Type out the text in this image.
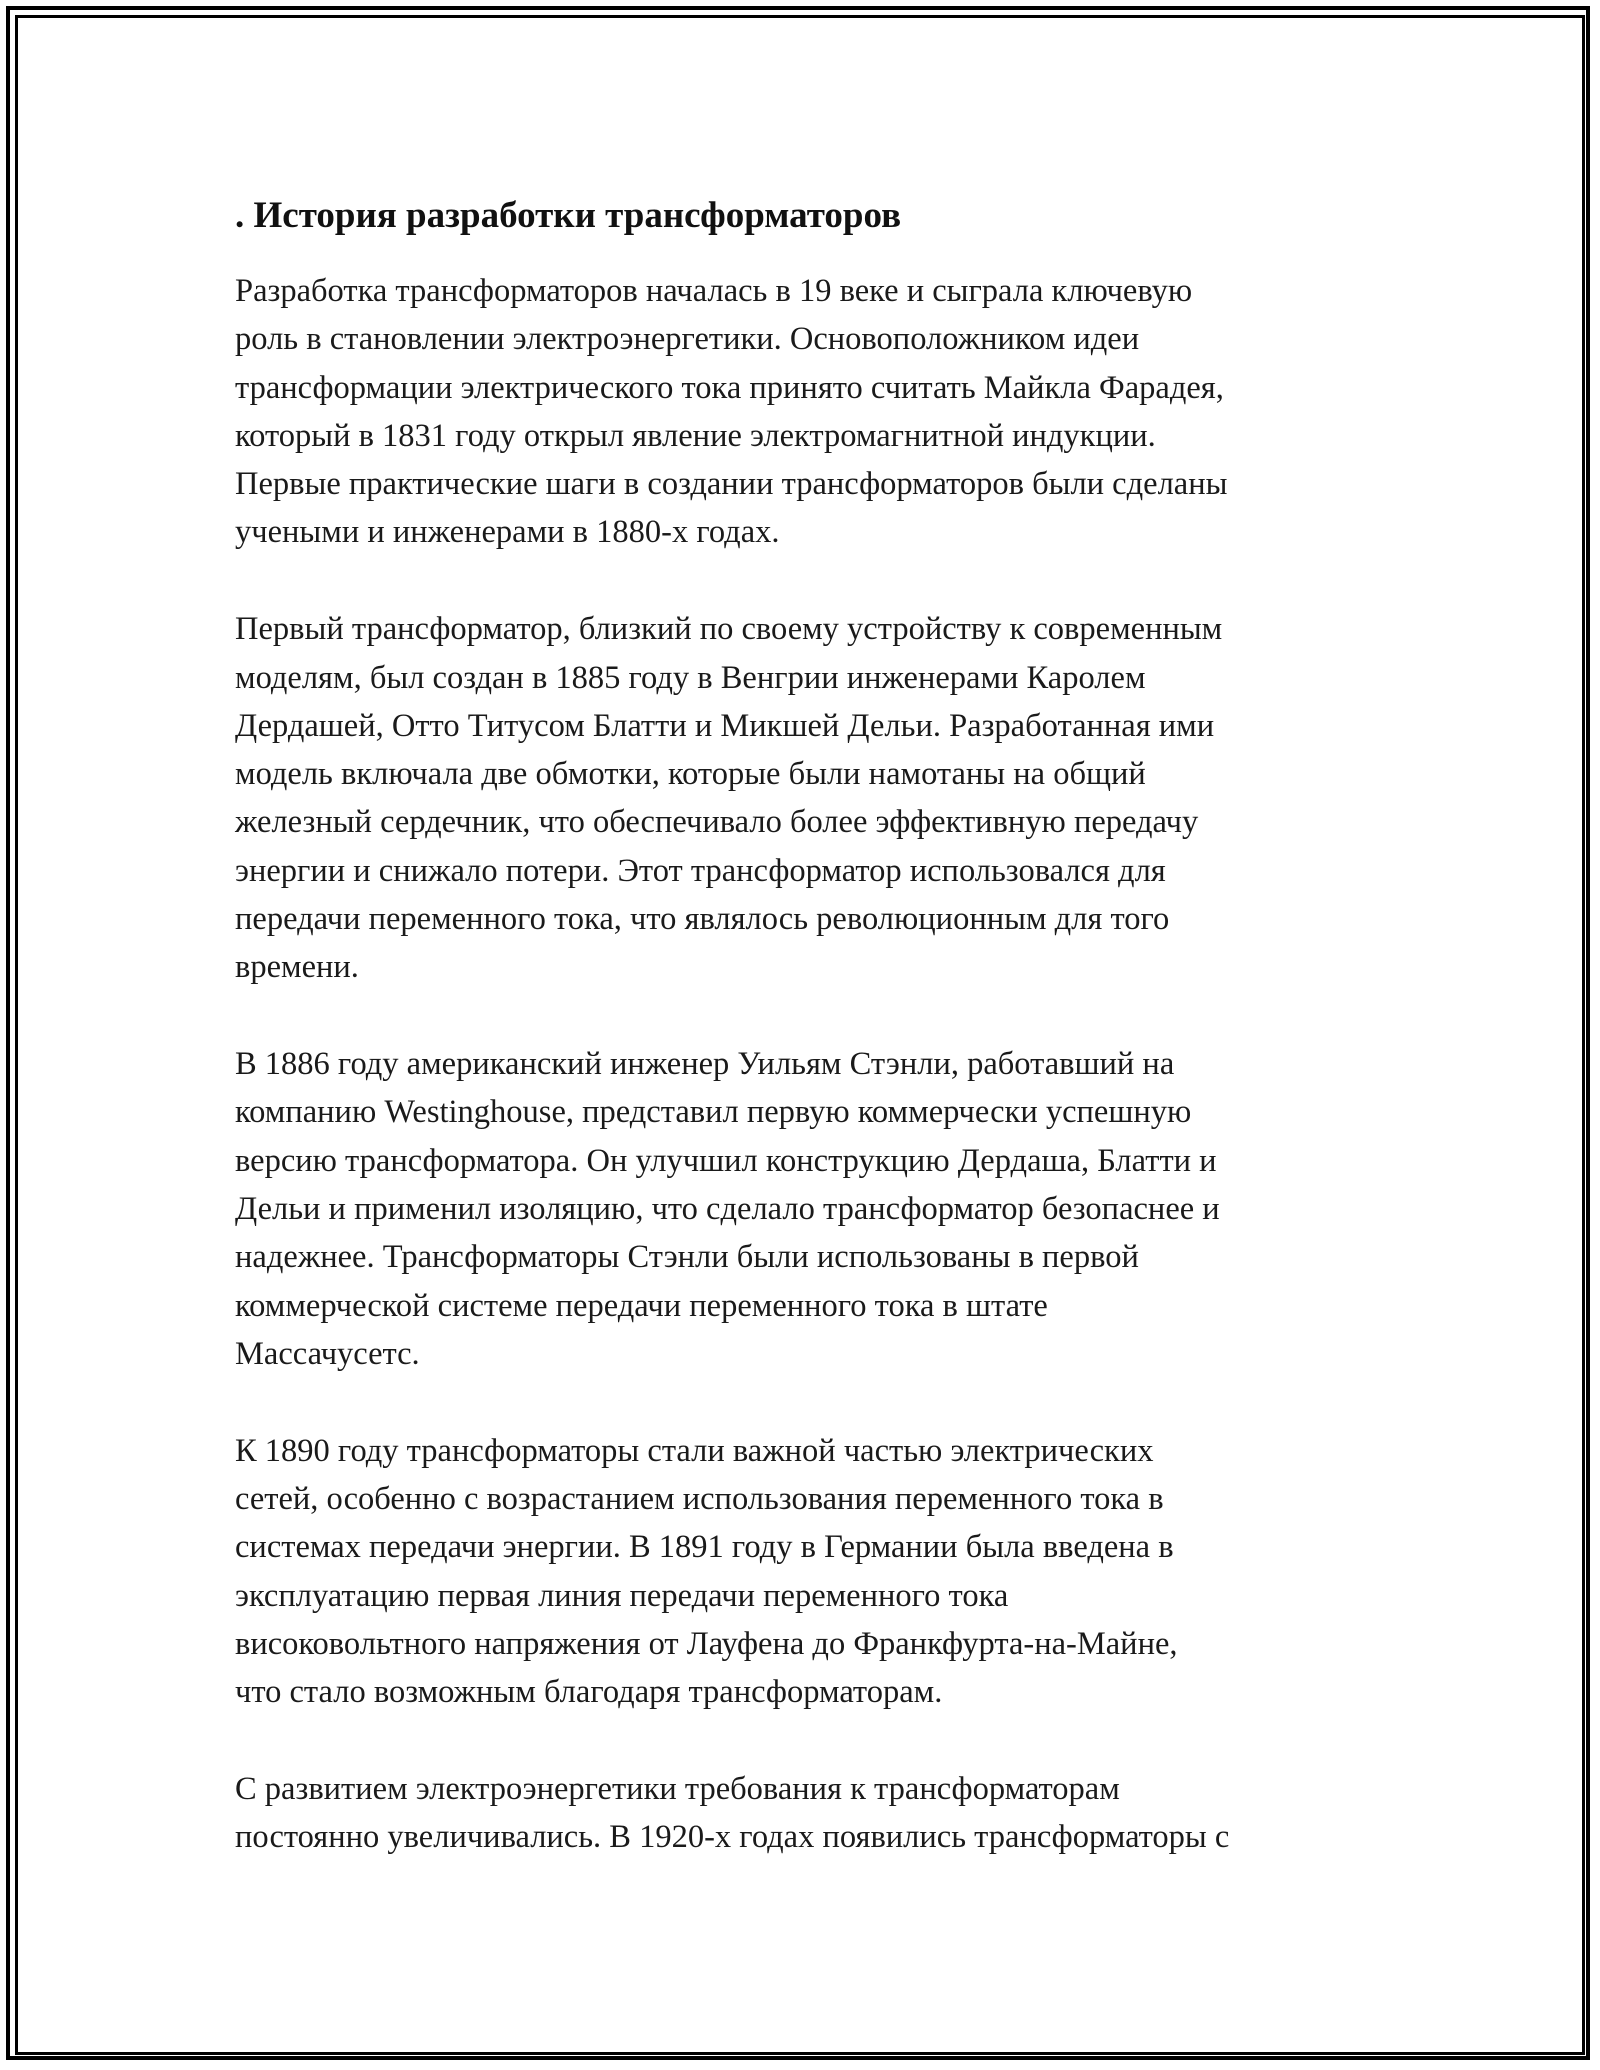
. История разработки трансформаторов
Разработка трансформаторов началась в 19 веке и сыграла ключевую
роль в становлении электроэнергетики. Основоположником идеи
трансформации электрического тока принято считать Майкла Фарадея,
который в 1831 году открыл явление электромагнитной индукции.
Первые практические шаги в создании трансформаторов были сделаны
учеными и инженерами в 1880-х годах.
Первый трансформатор, близкий по своему устройству к современным
моделям, был создан в 1885 году в Венгрии инженерами Каролем
Дердашей, Отто Титусом Блатти и Микшей Дельи. Разработанная ими
модель включала две обмотки, которые были намотаны на общий
железный сердечник, что обеспечивало более эффективную передачу
энергии и снижало потери. Этот трансформатор использовался для
передачи переменного тока, что являлось революционным для того
времени.
В 1886 году американский инженер Уильям Стэнли, работавший на
компанию Westinghouse, представил первую коммерчески успешную
версию трансформатора. Он улучшил конструкцию Дердаша, Блатти и
Дельи и применил изоляцию, что сделало трансформатор безопаснее и
надежнее. Трансформаторы Стэнли были использованы в первой
коммерческой системе передачи переменного тока в штате
Массачусетс.
К 1890 году трансформаторы стали важной частью электрических
сетей, особенно с возрастанием использования переменного тока в
системах передачи энергии. В 1891 году в Германии была введена в
эксплуатацию первая линия передачи переменного тока
високовольтного напряжения от Лауфена до Франкфурта-на-Майне,
что стало возможным благодаря трансформаторам.
С развитием электроэнергетики требования к трансформаторам
постоянно увеличивались. В 1920-х годах появились трансформаторы с
